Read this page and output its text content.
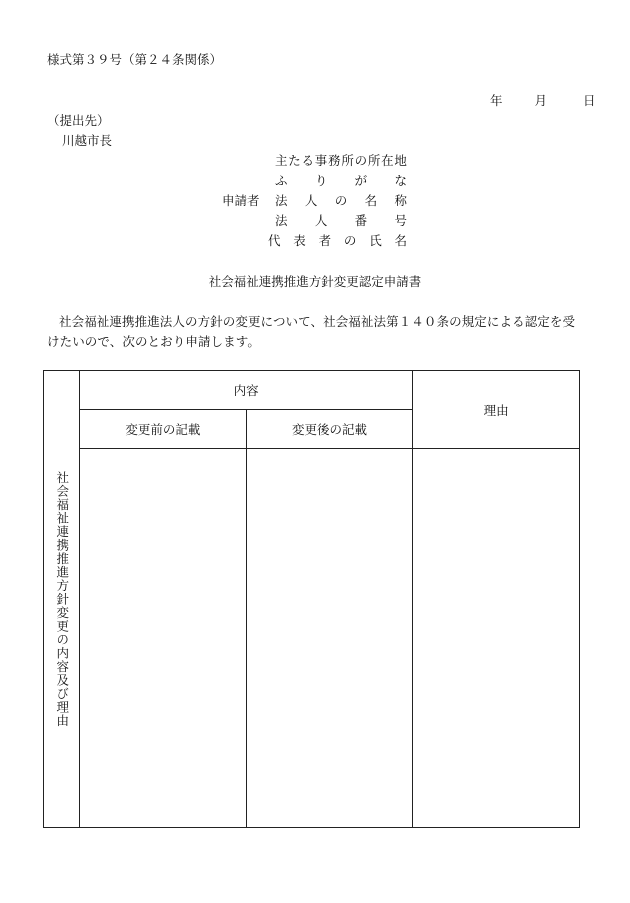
様式第３９号（第２４条関係）
年	月	日
（提出先）
川越市長
申請者
主 た る 事 務 所 の 所 在 地
ふ り が な
法 人 の 名 称
法 人 番 号
代 表 者 の 氏 名
社会福祉連携推進方針変更認定申請書
社会福祉連携推進法人の方針の変更について、社会福祉法第１４０条の規定による認定を受けたいので、次のとおり申請します。
社会福祉連携推進方針変更の内容及び理由	内容		理由
	変更前の記載	変更後の記載	
